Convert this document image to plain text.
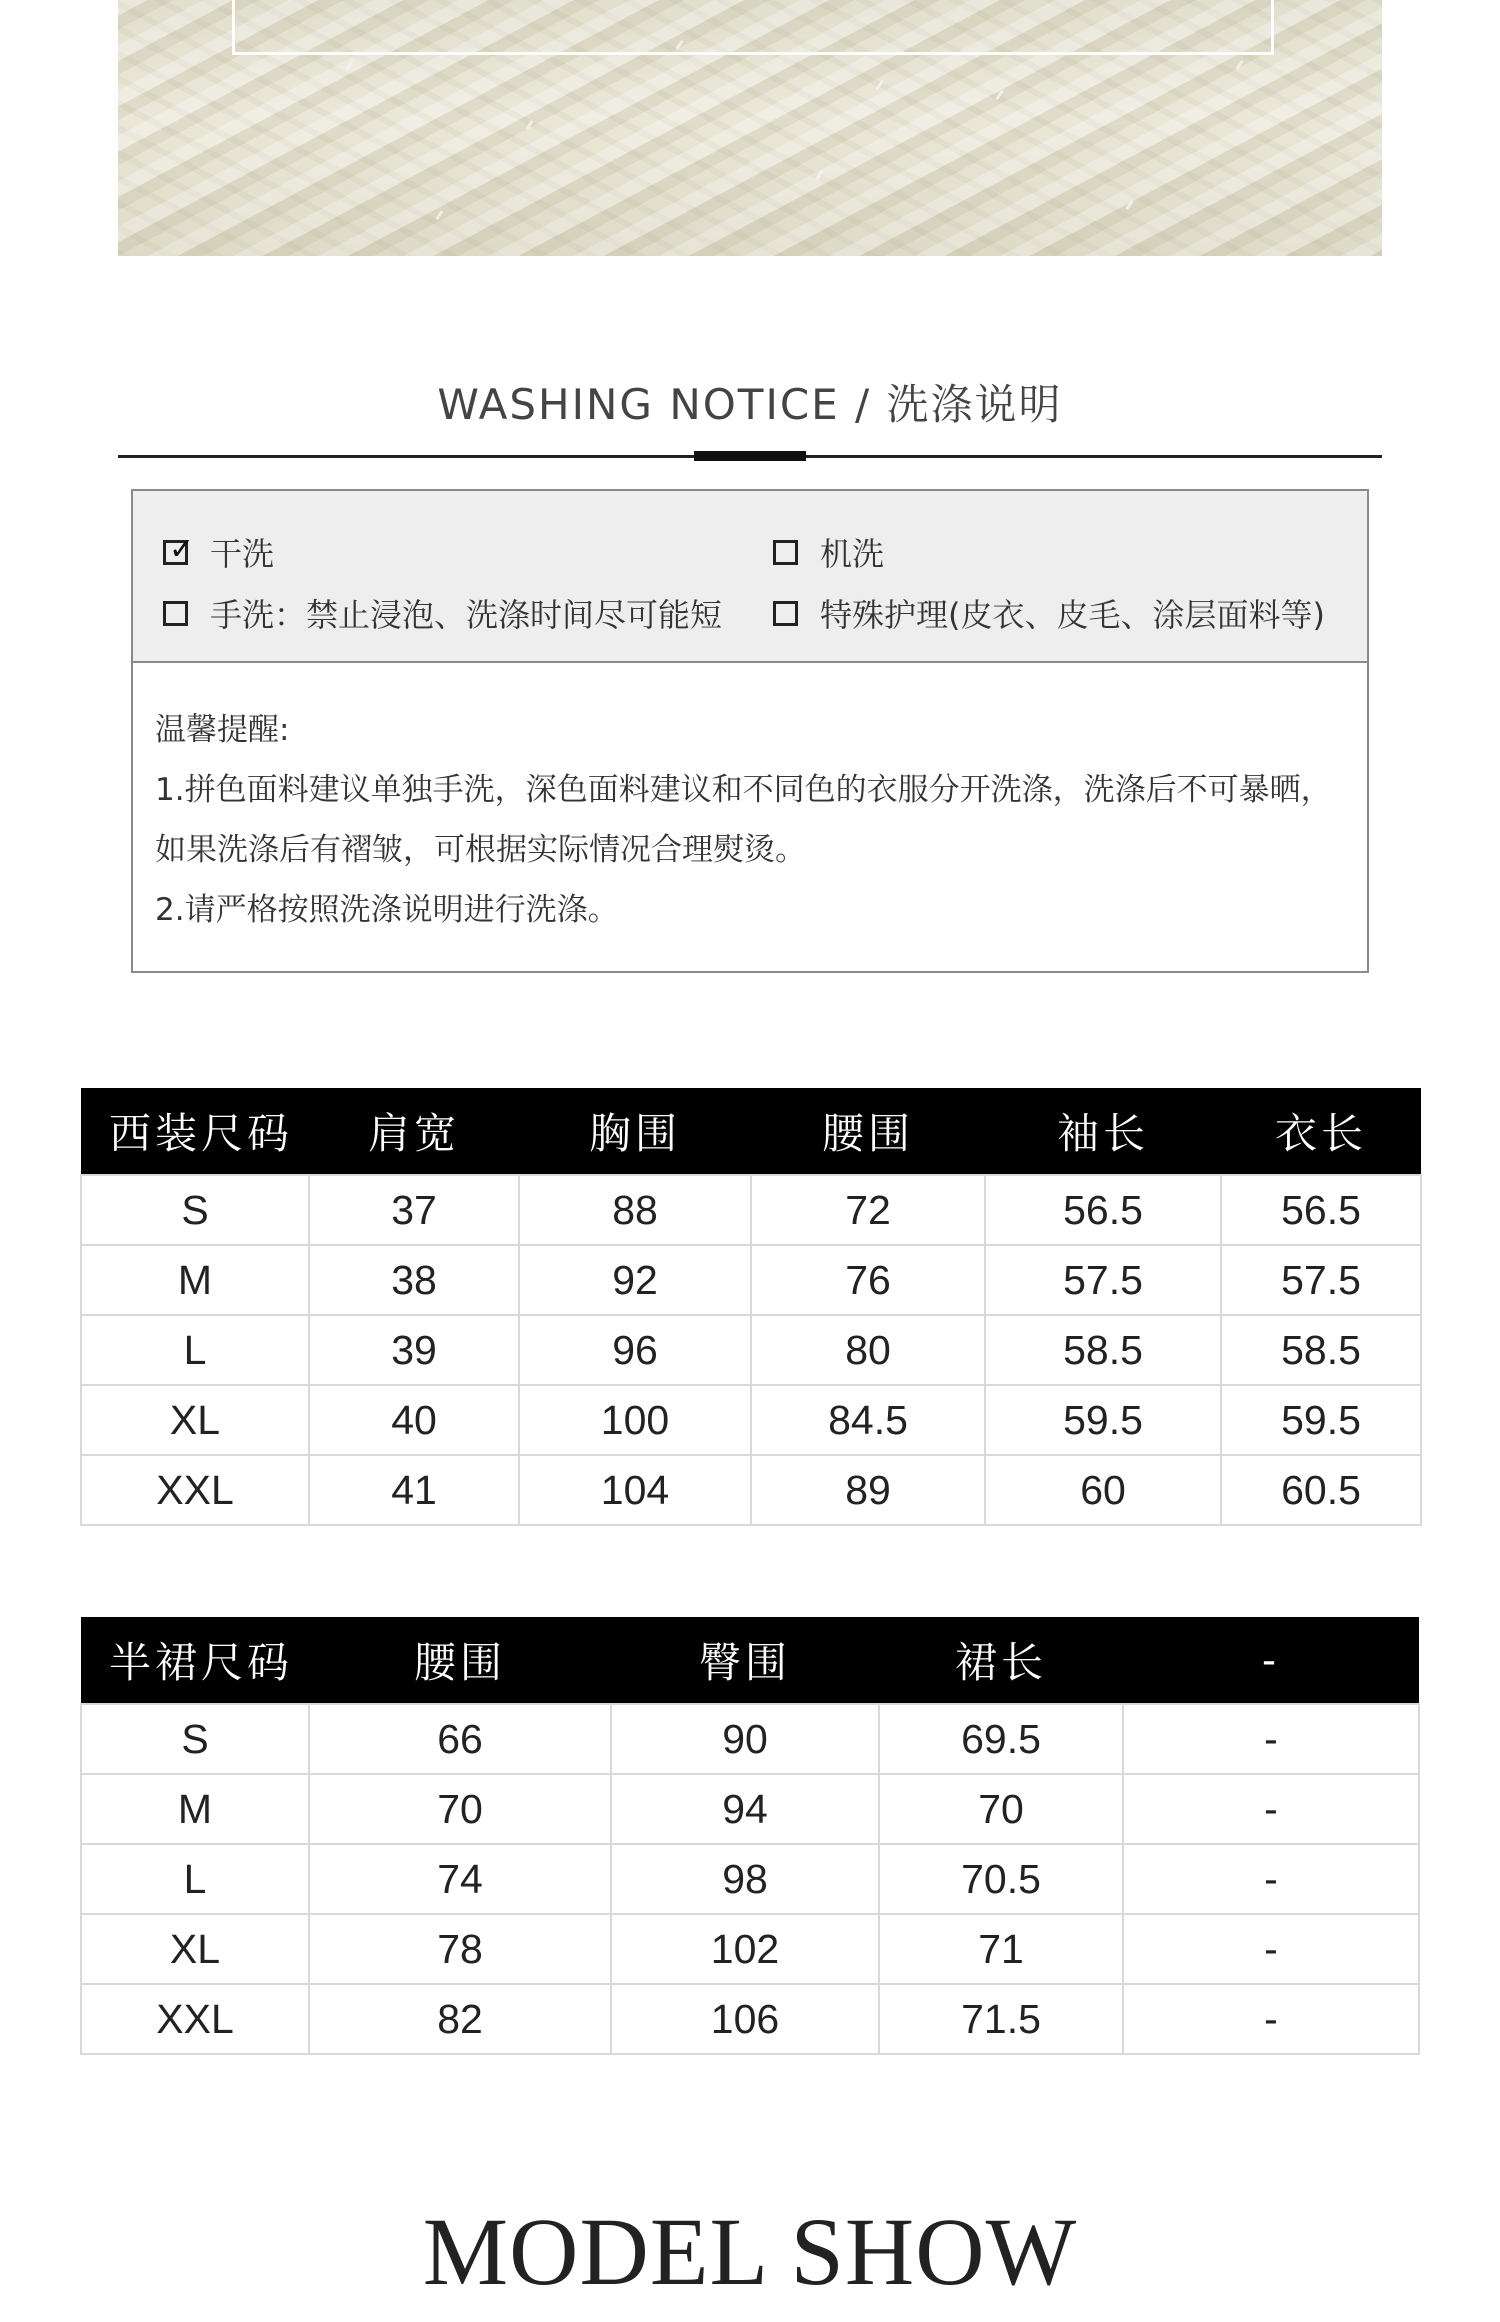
WASHING NOTICE / 洗涤说明
✓ 干洗	机洗
手洗：禁止浸泡、洗涤时间尽可能短	特殊护理(皮衣、皮毛、涂层面料等)
温馨提醒:
1.拼色面料建议单独手洗，深色面料建议和不同色的衣服分开洗涤，洗涤后不可暴晒，
如果洗涤后有褶皱，可根据实际情况合理熨烫。
2.请严格按照洗涤说明进行洗涤。
西装尺码	肩宽	胸围	腰围	袖长	衣长
S	37	88	72	56.5	56.5
M	38	92	76	57.5	57.5
L	39	96	80	58.5	58.5
XL	40	100	84.5	59.5	59.5
XXL	41	104	89	60	60.5
半裙尺码	腰围	臀围	裙长	-
S	66	90	69.5	-
M	70	94	70	-
L	74	98	70.5	-
XL	78	102	71	-
XXL	82	106	71.5	-
MODEL SHOW
